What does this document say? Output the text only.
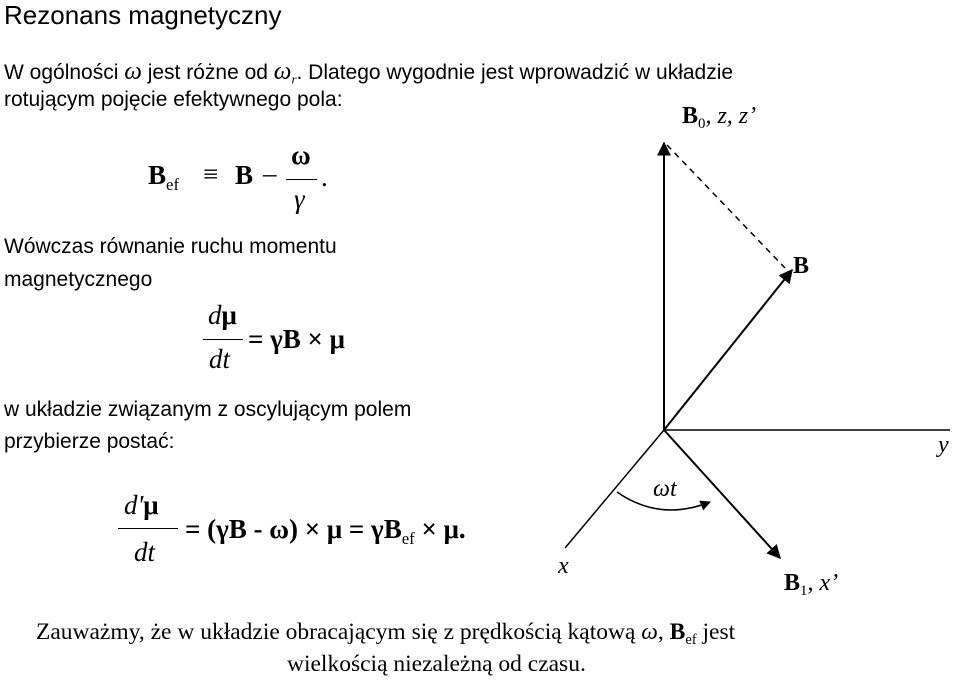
Rezonans magnetyczny
W ogólności ω jest różne od $\omega_r$. Dlatego wygodnie jest wprowadzić w układzie
rotującym pojęcie efektywnego pola:
$B_{ef} \equiv B$ –
ω
γ
.
Wówczas równanie ruchu momentu
magnetycznego
dμ
dt
= γB × μ
w układzie związanym z oscylującym polem
przybierze postać:
d'μ
dt
= $(\gamma B - \omega) \times \mu = \gamma B_{ef} \times \mu$.
$B_0$, z, z’
B
y
x
ωt
$B_1$, x’
Zauważmy, że w układzie obracającym się z prędkością kątową ω, $B_{ef}$ jest
wielkością niezależną od czasu.
